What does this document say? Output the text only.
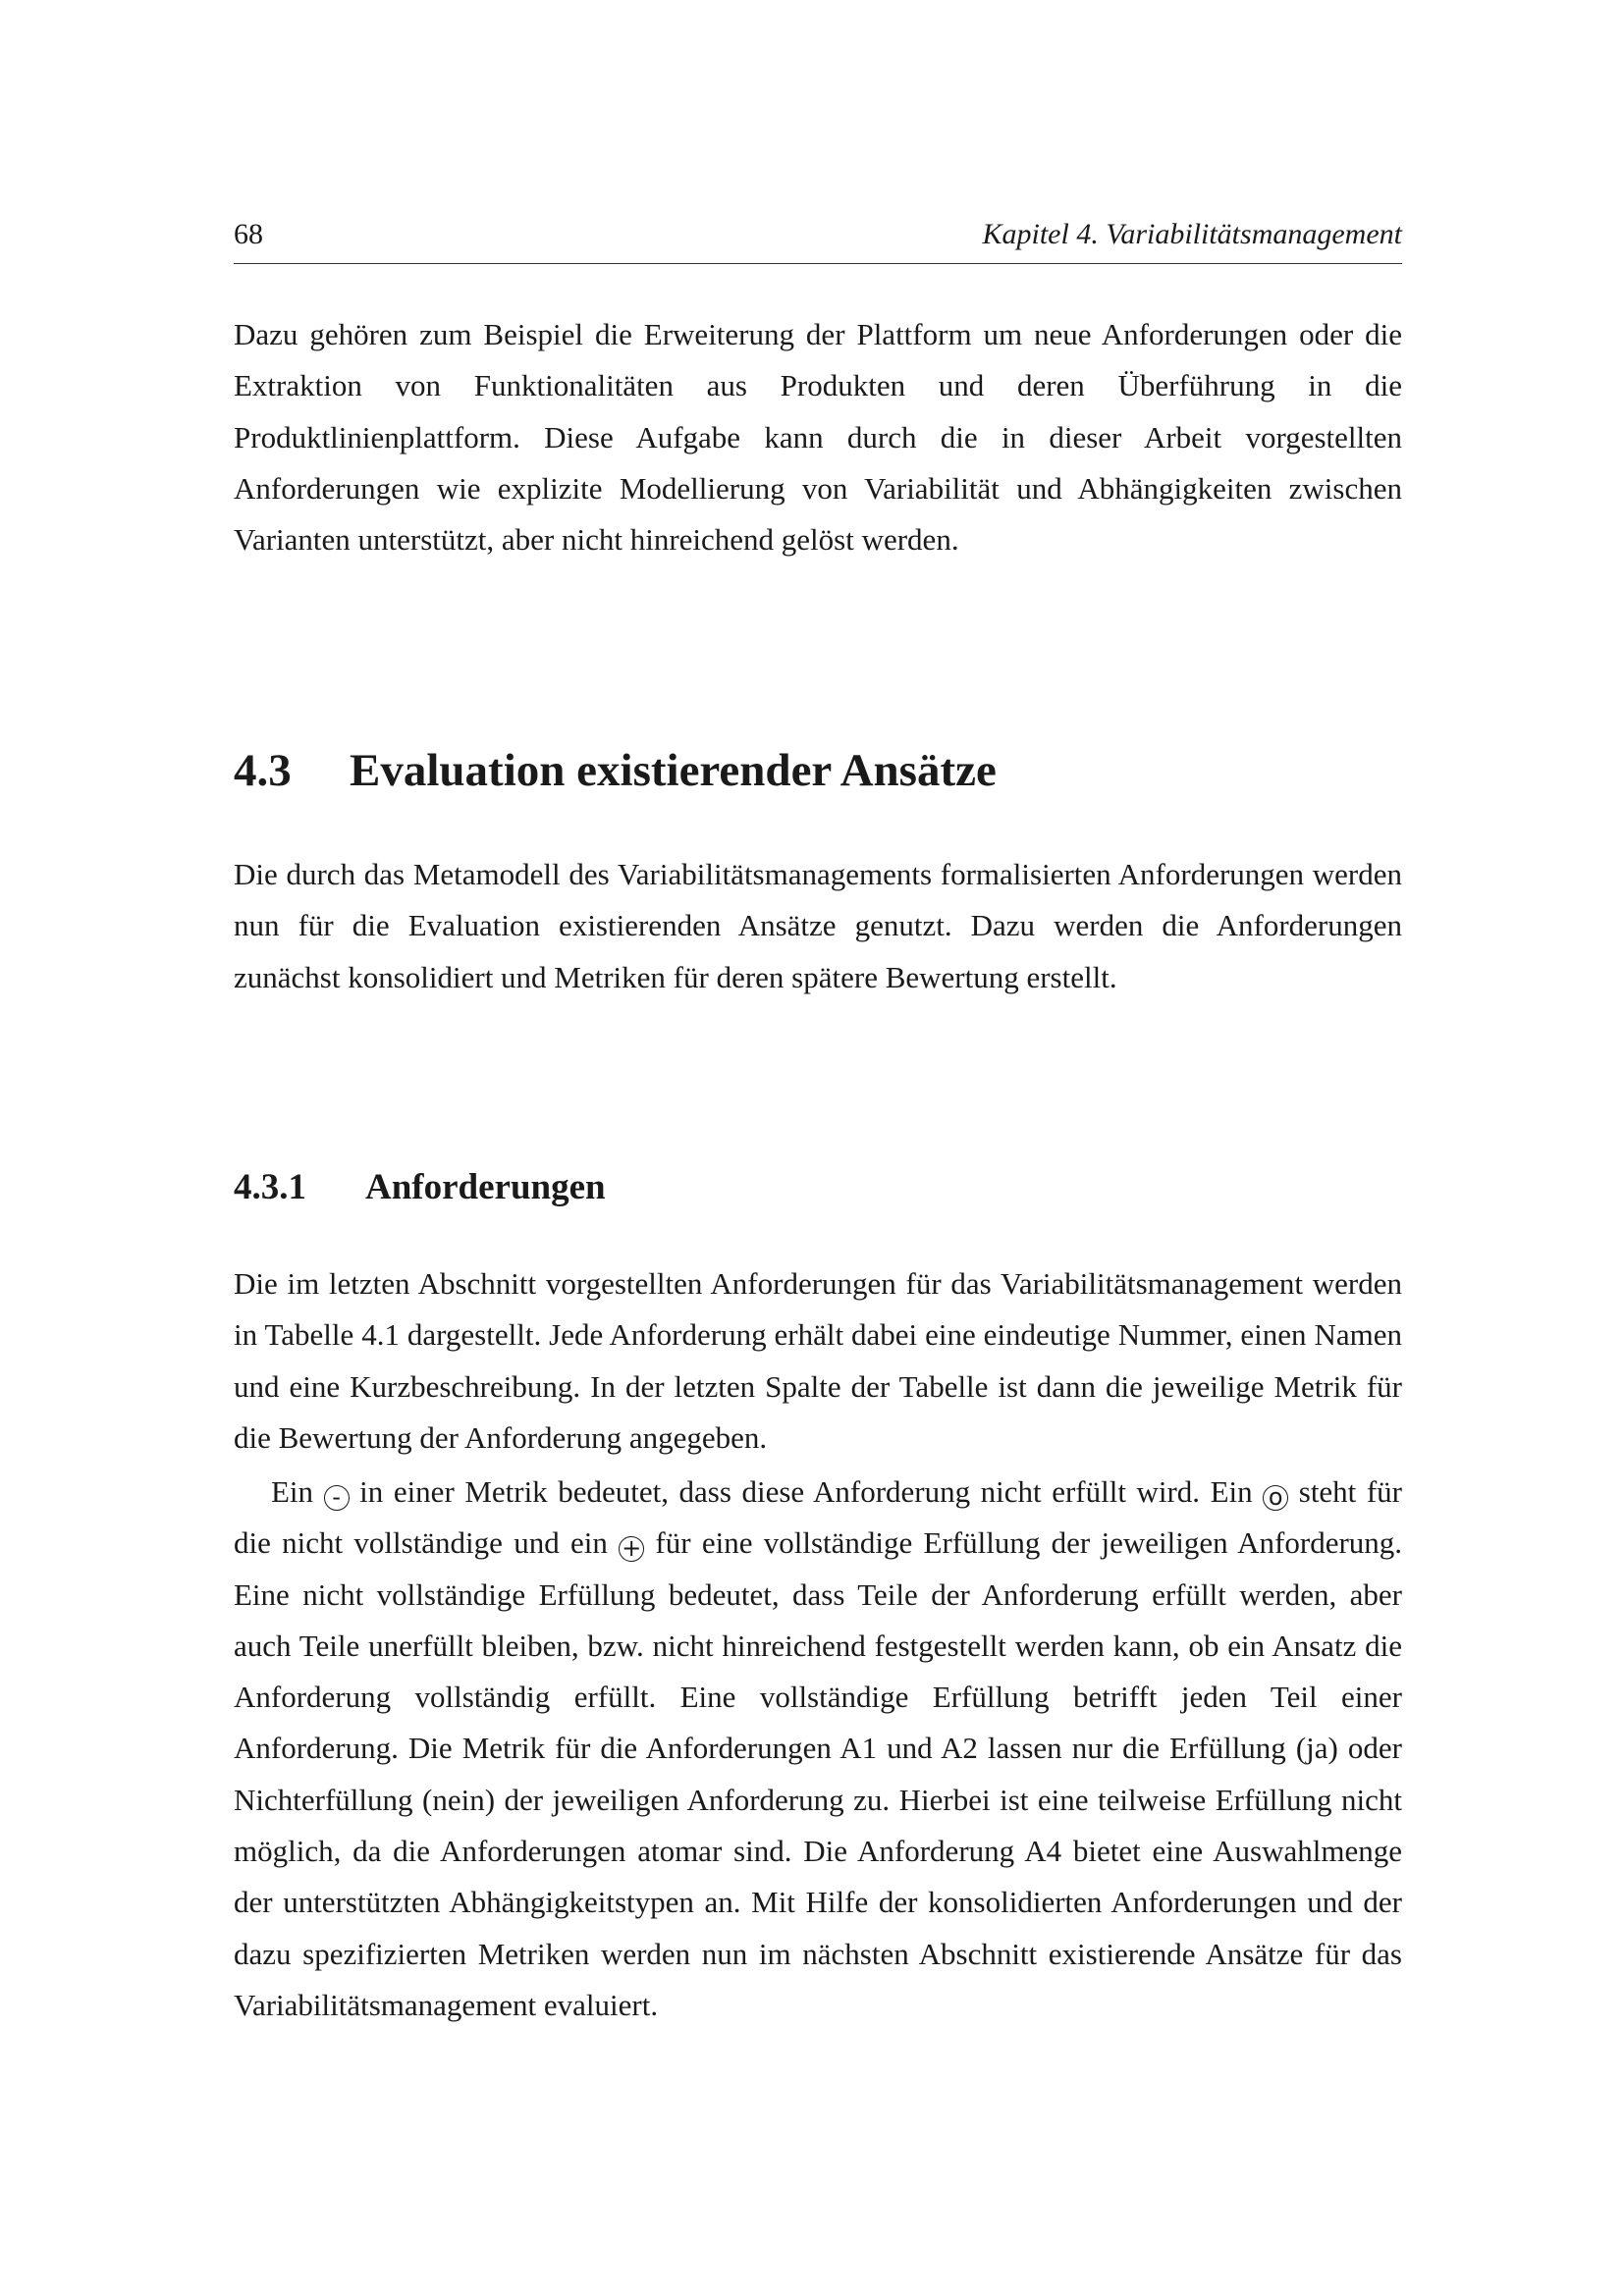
68	Kapitel 4. Variabilitätsmanagement

Dazu gehören zum Beispiel die Erweiterung der Plattform um neue Anforderungen oder die Extraktion von Funktionalitäten aus Produkten und deren Überführung in die Produktlinienplattform. Diese Aufgabe kann durch die in dieser Arbeit vorgestellten Anforderungen wie explizite Modellierung von Variabilität und Abhängigkeiten zwischen Varianten unterstützt, aber nicht hinreichend gelöst werden.

4.3 Evaluation existierender Ansätze

Die durch das Metamodell des Variabilitätsmanagements formalisierten Anforderungen werden nun für die Evaluation existierenden Ansätze genutzt. Dazu werden die Anforderungen zunächst konsolidiert und Metriken für deren spätere Bewertung erstellt.

4.3.1 Anforderungen

Die im letzten Abschnitt vorgestellten Anforderungen für das Variabilitätsmanagement werden in Tabelle 4.1 dargestellt. Jede Anforderung erhält dabei eine eindeutige Nummer, einen Namen und eine Kurzbeschreibung. In der letzten Spalte der Tabelle ist dann die jeweilige Metrik für die Bewertung der Anforderung angegeben.

Ein - in einer Metrik bedeutet, dass diese Anforderung nicht erfüllt wird. Ein o steht für die nicht vollständige und ein + für eine vollständige Erfüllung der jeweiligen Anforderung. Eine nicht vollständige Erfüllung bedeutet, dass Teile der Anforderung erfüllt werden, aber auch Teile unerfüllt bleiben, bzw. nicht hinreichend festgestellt werden kann, ob ein Ansatz die Anforderung vollständig erfüllt. Eine vollständige Erfüllung betrifft jeden Teil einer Anforderung. Die Metrik für die Anforderungen A1 und A2 lassen nur die Erfüllung (ja) oder Nichterfüllung (nein) der jeweiligen Anforderung zu. Hierbei ist eine teilweise Erfüllung nicht möglich, da die Anforderungen atomar sind. Die Anforderung A4 bietet eine Auswahlmenge der unterstützten Abhängigkeitstypen an. Mit Hilfe der konsolidierten Anforderungen und der dazu spezifizierten Metriken werden nun im nächsten Abschnitt existierende Ansätze für das Variabilitätsmanagement evaluiert.
